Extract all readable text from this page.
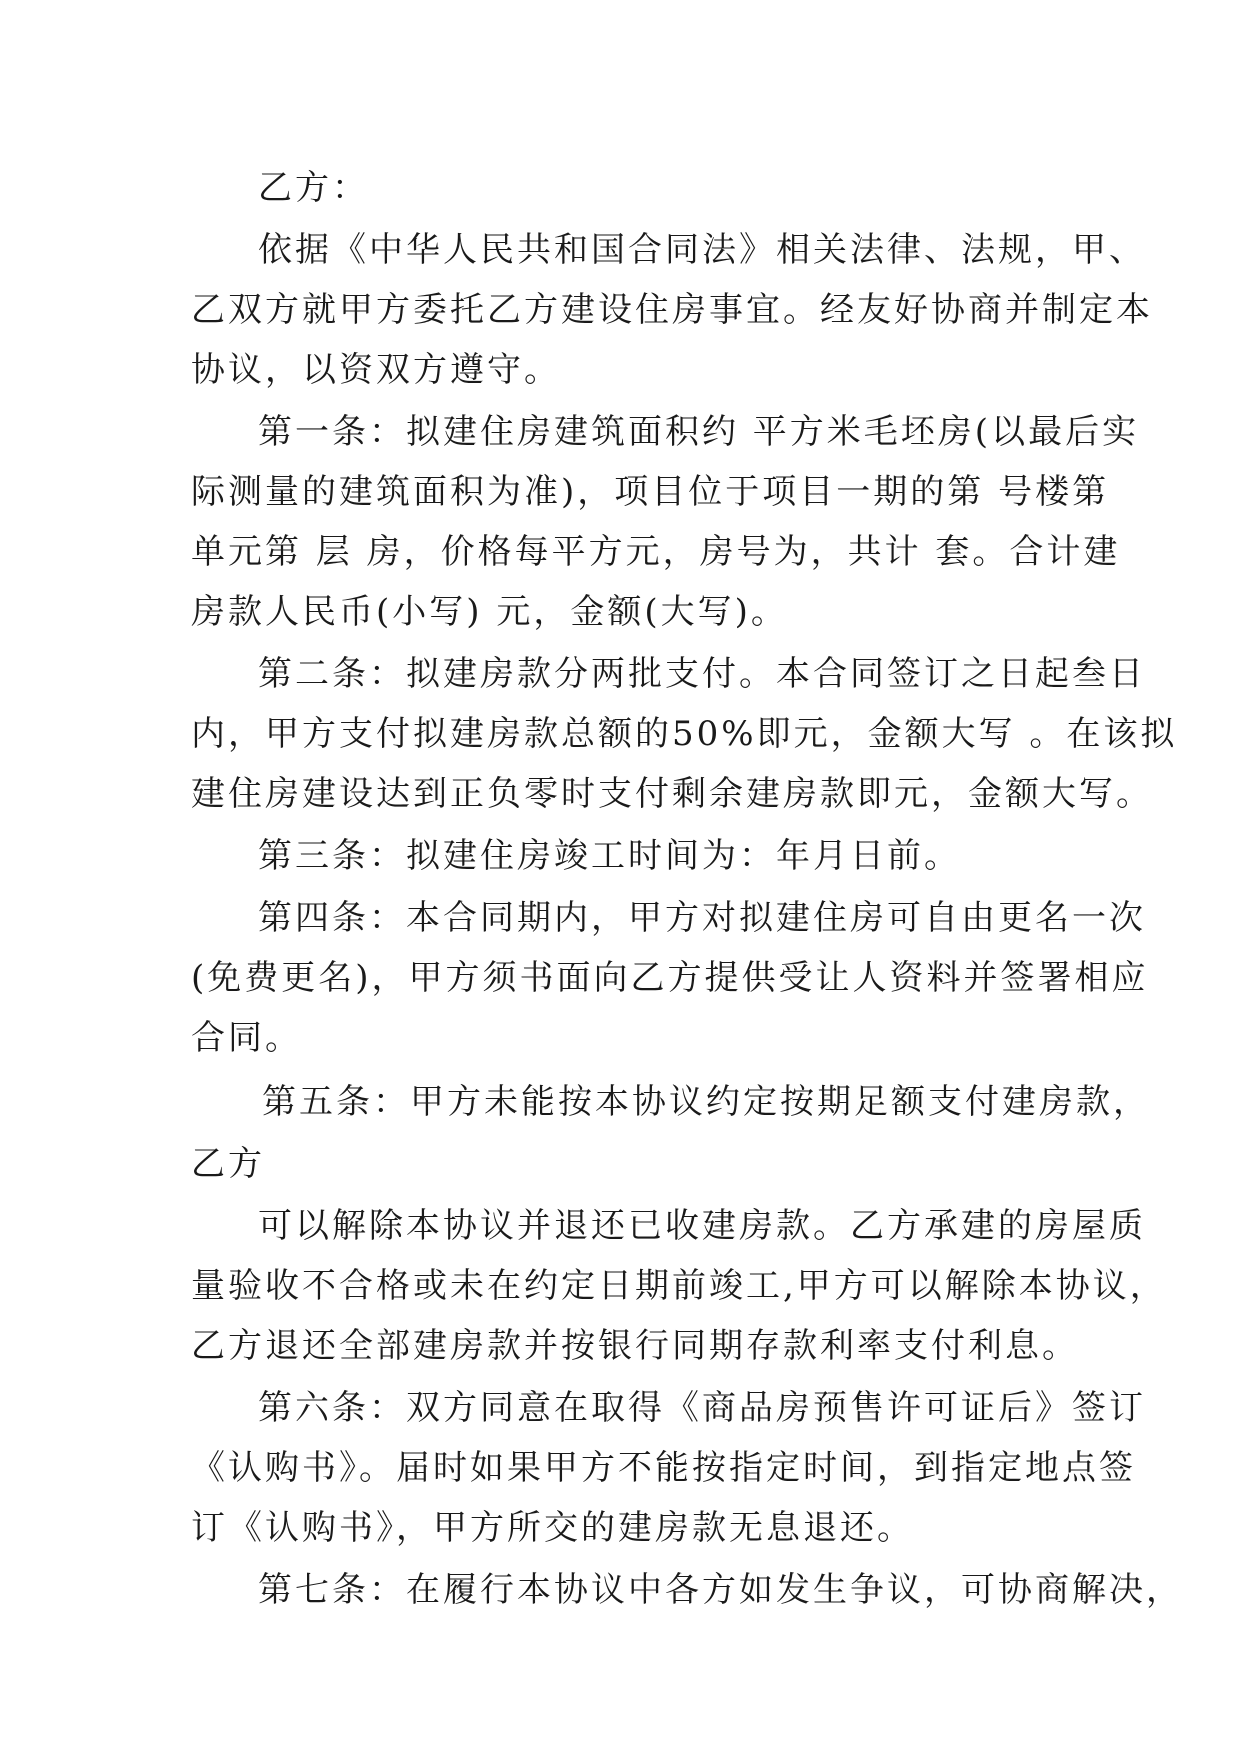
乙方：

依据《中华人民共和国合同法》相关法律、法规，甲、

乙双方就甲方委托乙方建设住房事宜。经友好协商并制定本

协议，以资双方遵守。

第一条：拟建住房建筑面积约 平方米毛坯房(以最后实

际测量的建筑面积为准)，项目位于项目一期的第 号楼第

单元第 层 房，价格每平方元，房号为，共计 套。合计建

房款人民币(小写) 元，金额(大写)。

第二条：拟建房款分两批支付。本合同签订之日起叁日

内，甲方支付拟建房款总额的50%即元，金额大写 。在该拟

建住房建设达到正负零时支付剩余建房款即元，金额大写。

第三条：拟建住房竣工时间为：年月日前。

第四条：本合同期内，甲方对拟建住房可自由更名一次

(免费更名)，甲方须书面向乙方提供受让人资料并签署相应

合同。

第五条：甲方未能按本协议约定按期足额支付建房款，

乙方

可以解除本协议并退还已收建房款。乙方承建的房屋质

量验收不合格或未在约定日期前竣工,甲方可以解除本协议，

乙方退还全部建房款并按银行同期存款利率支付利息。

第六条：双方同意在取得《商品房预售许可证后》签订

《认购书》。届时如果甲方不能按指定时间，到指定地点签

订《认购书》，甲方所交的建房款无息退还。

第七条：在履行本协议中各方如发生争议，可协商解决，
